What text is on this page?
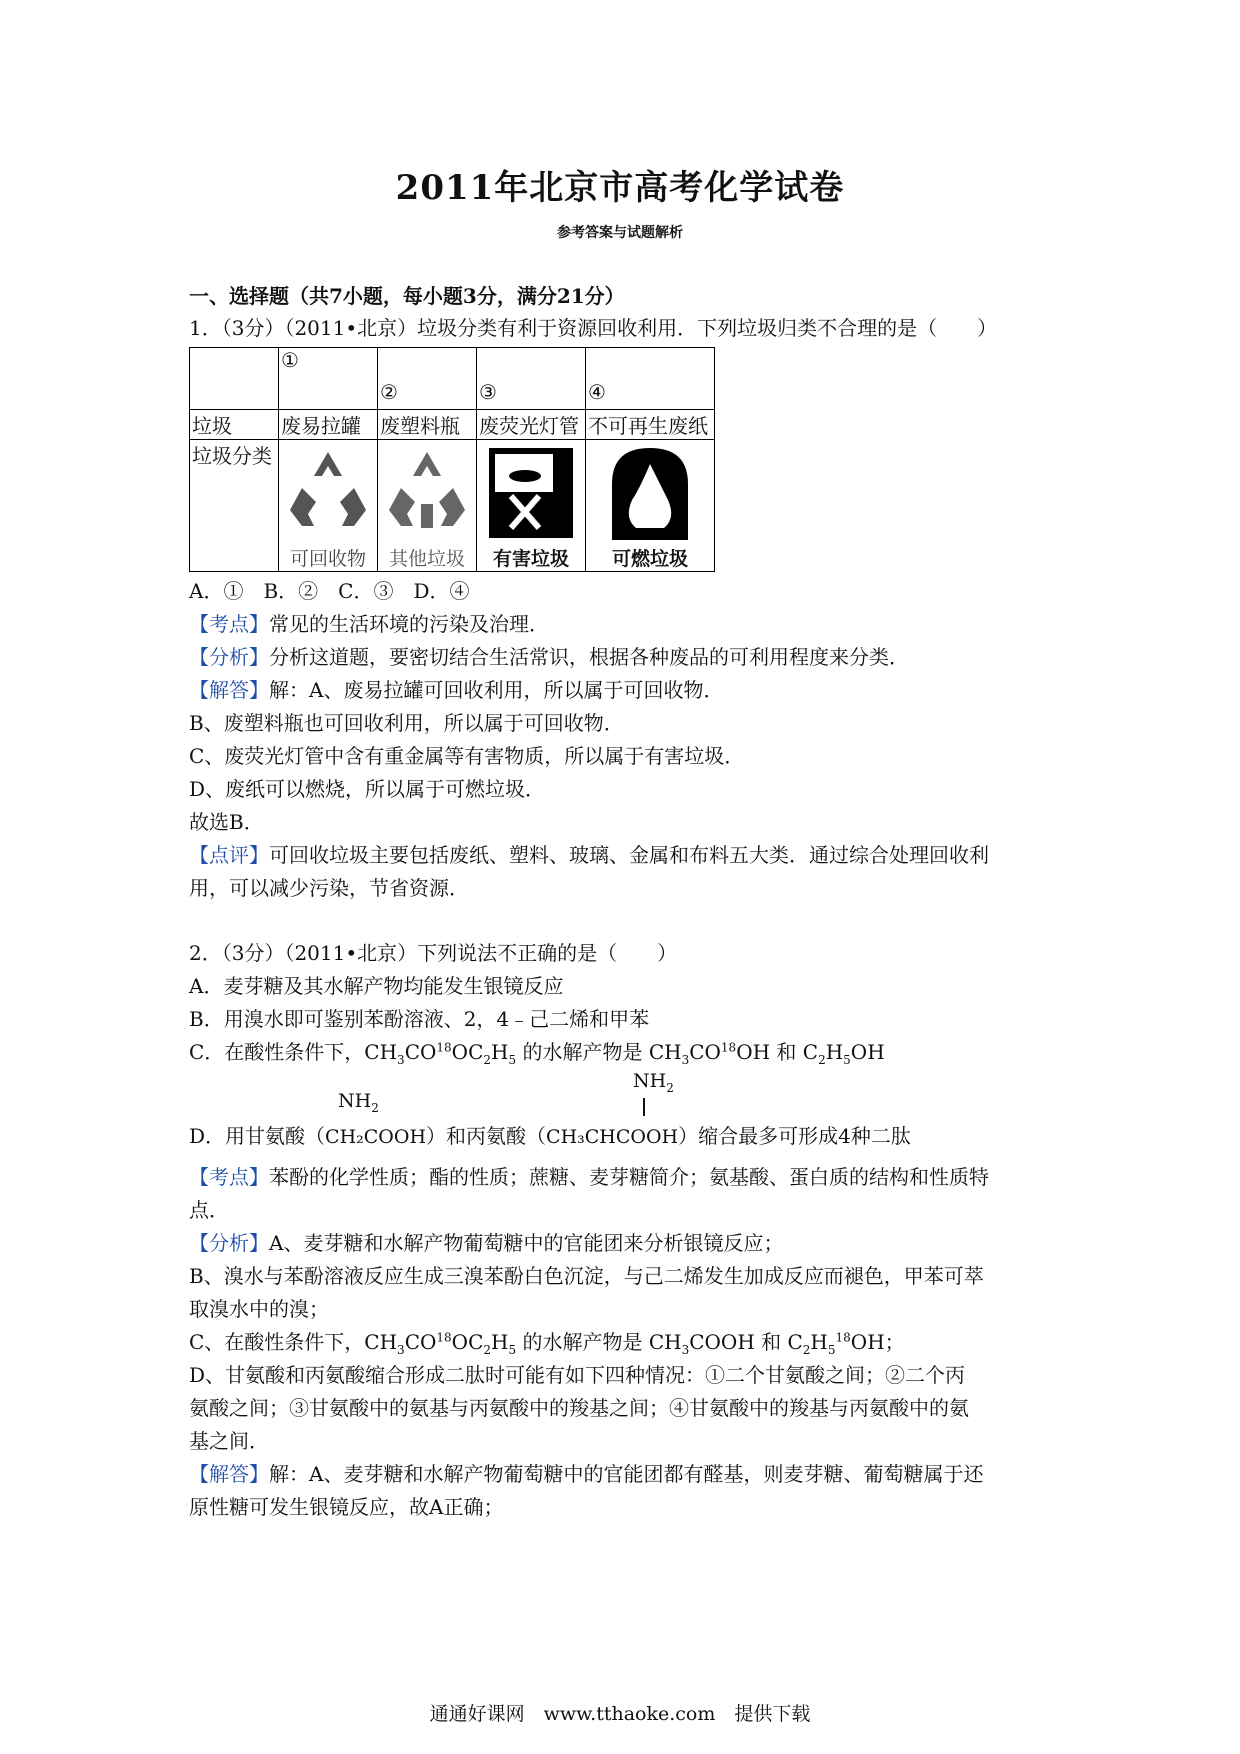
2011年北京市高考化学试卷
参考答案与试题解析
一、选择题（共7小题，每小题3分，满分21分）
1．（3分）（2011•北京）垃圾分类有利于资源回收利用．下列垃圾归类不合理的是（　　）
	①	②	③	④

垃圾	废易拉罐	废塑料瓶	废荧光灯管	不可再生废纸
垃圾分类	可回收物	其他垃圾	有害垃圾	可燃垃圾
A．①　B．②　C．③　D．④
【考点】常见的生活环境的污染及治理．
【分析】分析这道题，要密切结合生活常识，根据各种废品的可利用程度来分类．
【解答】解：A、废易拉罐可回收利用，所以属于可回收物．
B、废塑料瓶也可回收利用，所以属于可回收物．
C、废荧光灯管中含有重金属等有害物质，所以属于有害垃圾．
D、废纸可以燃烧，所以属于可燃垃圾．
故选B．
【点评】可回收垃圾主要包括废纸、塑料、玻璃、金属和布料五大类．通过综合处理回收利
用，可以减少污染，节省资源．
2．（3分）（2011•北京）下列说法不正确的是（　　）
A．麦芽糖及其水解产物均能发生银镜反应
B．用溴水即可鉴别苯酚溶液、2，4﹣己二烯和甲苯
C．在酸性条件下，$CH_3CO^{18}OC_2H_5$ 的水解产物是 $CH_3CO^{18}OH$ 和 $C_2H_5OH$
$NH_2$
$NH_2$
D．用甘氨酸（CH₂COOH）和丙氨酸（CH₃CHCOOH）缩合最多可形成4种二肽
【考点】苯酚的化学性质；酯的性质；蔗糖、麦芽糖简介；氨基酸、蛋白质的结构和性质特
点．
【分析】A、麦芽糖和水解产物葡萄糖中的官能团来分析银镜反应；
B、溴水与苯酚溶液反应生成三溴苯酚白色沉淀，与己二烯发生加成反应而褪色，甲苯可萃
取溴水中的溴；
C、在酸性条件下，$CH_3CO^{18}OC_2H_5$ 的水解产物是 $CH_3COOH$ 和 $C_2H_5^{18}OH$；
D、甘氨酸和丙氨酸缩合形成二肽时可能有如下四种情况：①二个甘氨酸之间；②二个丙
氨酸之间；③甘氨酸中的氨基与丙氨酸中的羧基之间；④甘氨酸中的羧基与丙氨酸中的氨
基之间．
【解答】解：A、麦芽糖和水解产物葡萄糖中的官能团都有醛基，则麦芽糖、葡萄糖属于还
原性糖可发生银镜反应，故A正确；
通通好课网　www.tthaoke.com　提供下载
